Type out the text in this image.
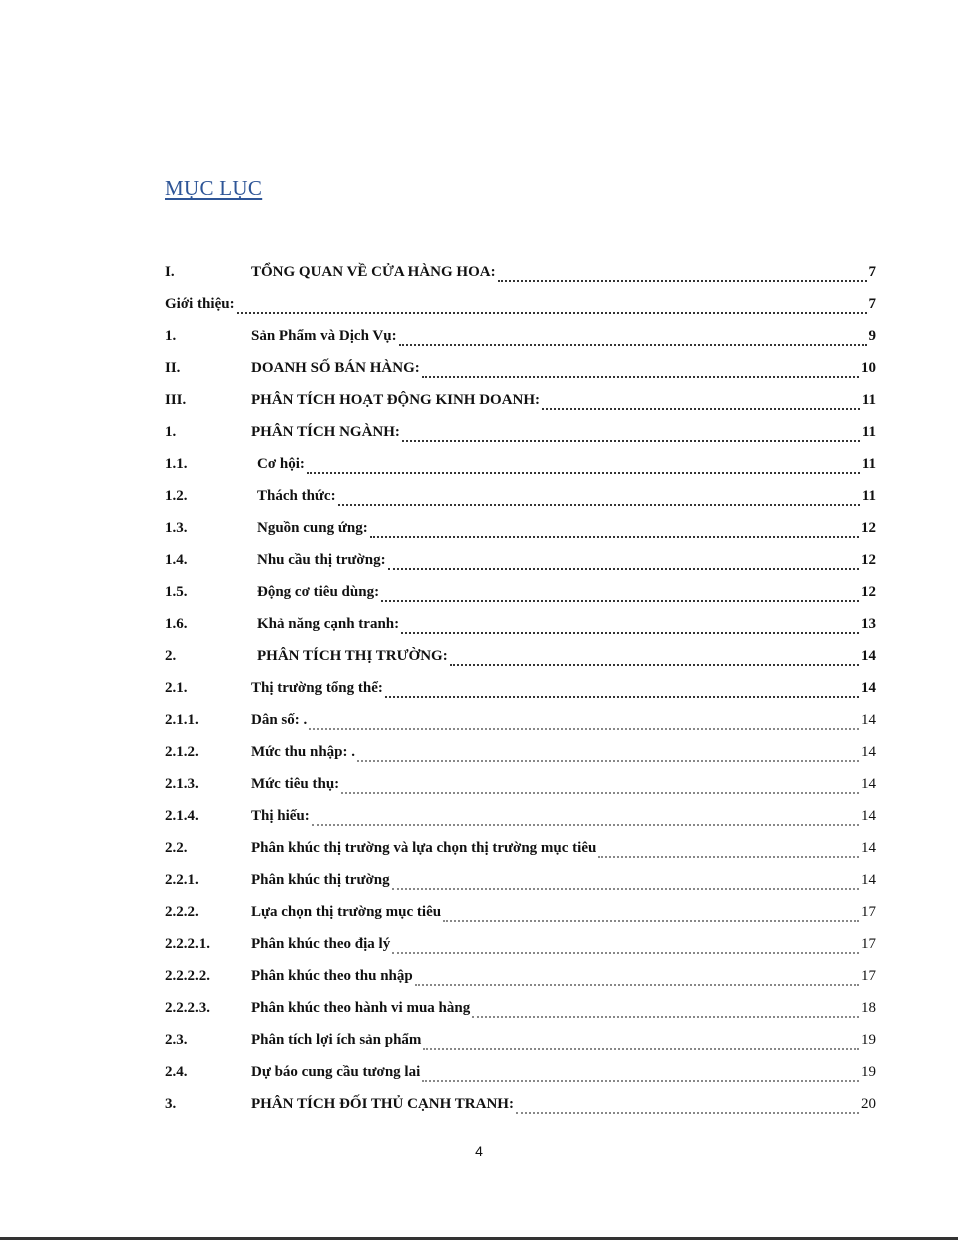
MỤC LỤC
I.	TỔNG QUAN VỀ CỬA HÀNG HOA:	7
Giới thiệu:	7
1.	Sản Phẩm và Dịch Vụ:	9
II.	DOANH SỐ BÁN HÀNG:	10
III.	PHÂN TÍCH HOẠT ĐỘNG KINH DOANH:	11
1.	PHÂN TÍCH NGÀNH:	11
1.1.	Cơ hội:	11
1.2.	Thách thức:	11
1.3.	Nguồn cung ứng:	12
1.4.	Nhu cầu thị trường:	12
1.5.	Động cơ tiêu dùng:	12
1.6.	Khả năng cạnh tranh:	13
2.	PHÂN TÍCH THỊ TRƯỜNG:	14
2.1.	Thị trường tổng thể:	14
2.1.1.	Dân số: .	14
2.1.2.	Mức thu nhập: .	14
2.1.3.	Mức tiêu thụ:	14
2.1.4.	Thị hiếu:	14
2.2.	Phân khúc thị trường và lựa chọn thị trường mục tiêu	14
2.2.1.	Phân khúc thị trường	14
2.2.2.	Lựa chọn thị trường mục tiêu	17
2.2.2.1.	Phân khúc theo địa lý	17
2.2.2.2.	Phân khúc theo thu nhập	17
2.2.2.3.	Phân khúc theo hành vi mua hàng	18
2.3.	Phân tích lợi ích sản phẩm	19
2.4.	Dự báo cung cầu tương lai	19
3.	PHÂN TÍCH ĐỐI THỦ CẠNH TRANH:	20
4
